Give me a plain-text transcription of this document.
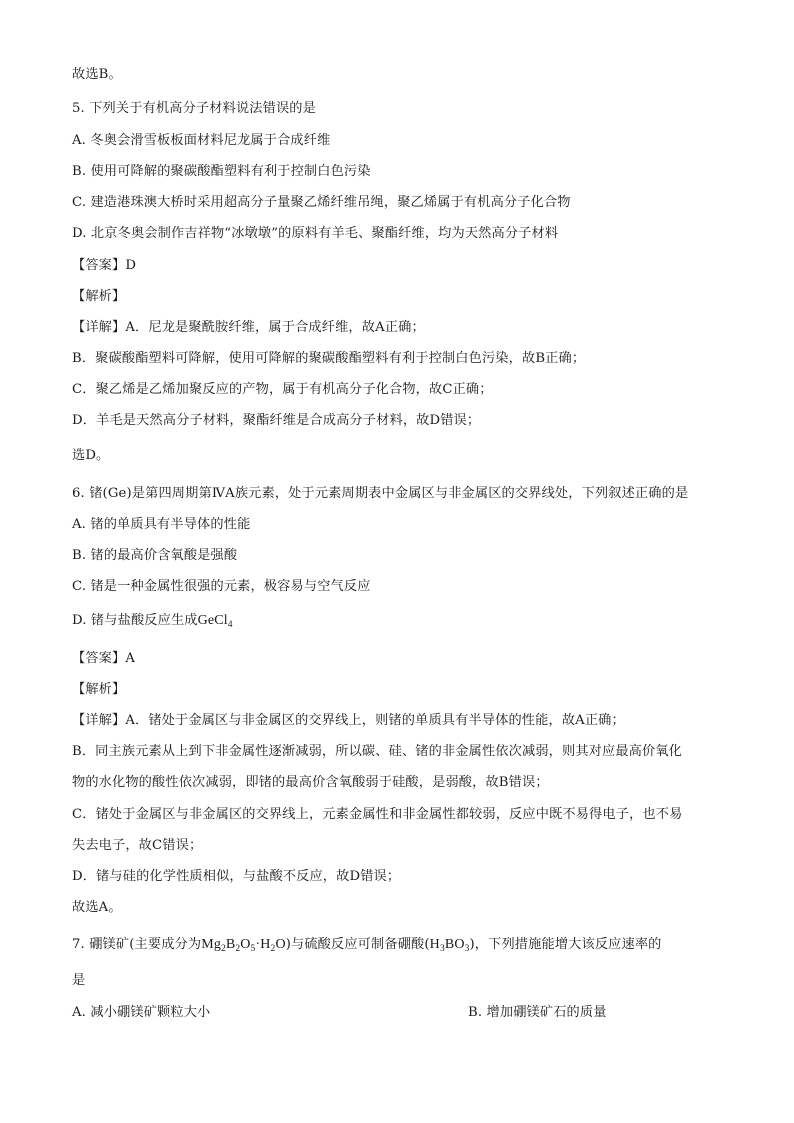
故选B。
5. 下列关于有机高分子材料说法错误的是
A. 冬奥会滑雪板板面材料尼龙属于合成纤维
B. 使用可降解的聚碳酸酯塑料有利于控制白色污染
C. 建造港珠澳大桥时采用超高分子量聚乙烯纤维吊绳，聚乙烯属于有机高分子化合物
D. 北京冬奥会制作吉祥物“冰墩墩”的原料有羊毛、聚酯纤维，均为天然高分子材料
【答案】D
【解析】
【详解】A．尼龙是聚酰胺纤维，属于合成纤维，故A正确；
B．聚碳酸酯塑料可降解，使用可降解的聚碳酸酯塑料有利于控制白色污染，故B正确；
C．聚乙烯是乙烯加聚反应的产物，属于有机高分子化合物，故C正确；
D．羊毛是天然高分子材料，聚酯纤维是合成高分子材料，故D错误；
选D。
6. 锗(Ge)是第四周期第ⅣA族元素，处于元素周期表中金属区与非金属区的交界线处，下列叙述正确的是
A. 锗的单质具有半导体的性能
B. 锗的最高价含氧酸是强酸
C. 锗是一种金属性很强的元素，极容易与空气反应
D. 锗与盐酸反应生成GeCl$_4$
【答案】A
【解析】
【详解】A．锗处于金属区与非金属区的交界线上，则锗的单质具有半导体的性能，故A正确；
B．同主族元素从上到下非金属性逐渐减弱，所以碳、硅、锗的非金属性依次减弱，则其对应最高价氧化
物的水化物的酸性依次减弱，即锗的最高价含氧酸弱于硅酸，是弱酸，故B错误；
C．锗处于金属区与非金属区的交界线上，元素金属性和非金属性都较弱，反应中既不易得电子，也不易
失去电子，故C错误；
D．锗与硅的化学性质相似，与盐酸不反应，故D错误；
故选A。
7. 硼镁矿(主要成分为$Mg_2B_2O_5\cdot H_2O$)与硫酸反应可制备硼酸$(H_3BO_3)$，下列措施能增大该反应速率的
是
A. 减小硼镁矿颗粒大小	B. 增加硼镁矿石的质量
